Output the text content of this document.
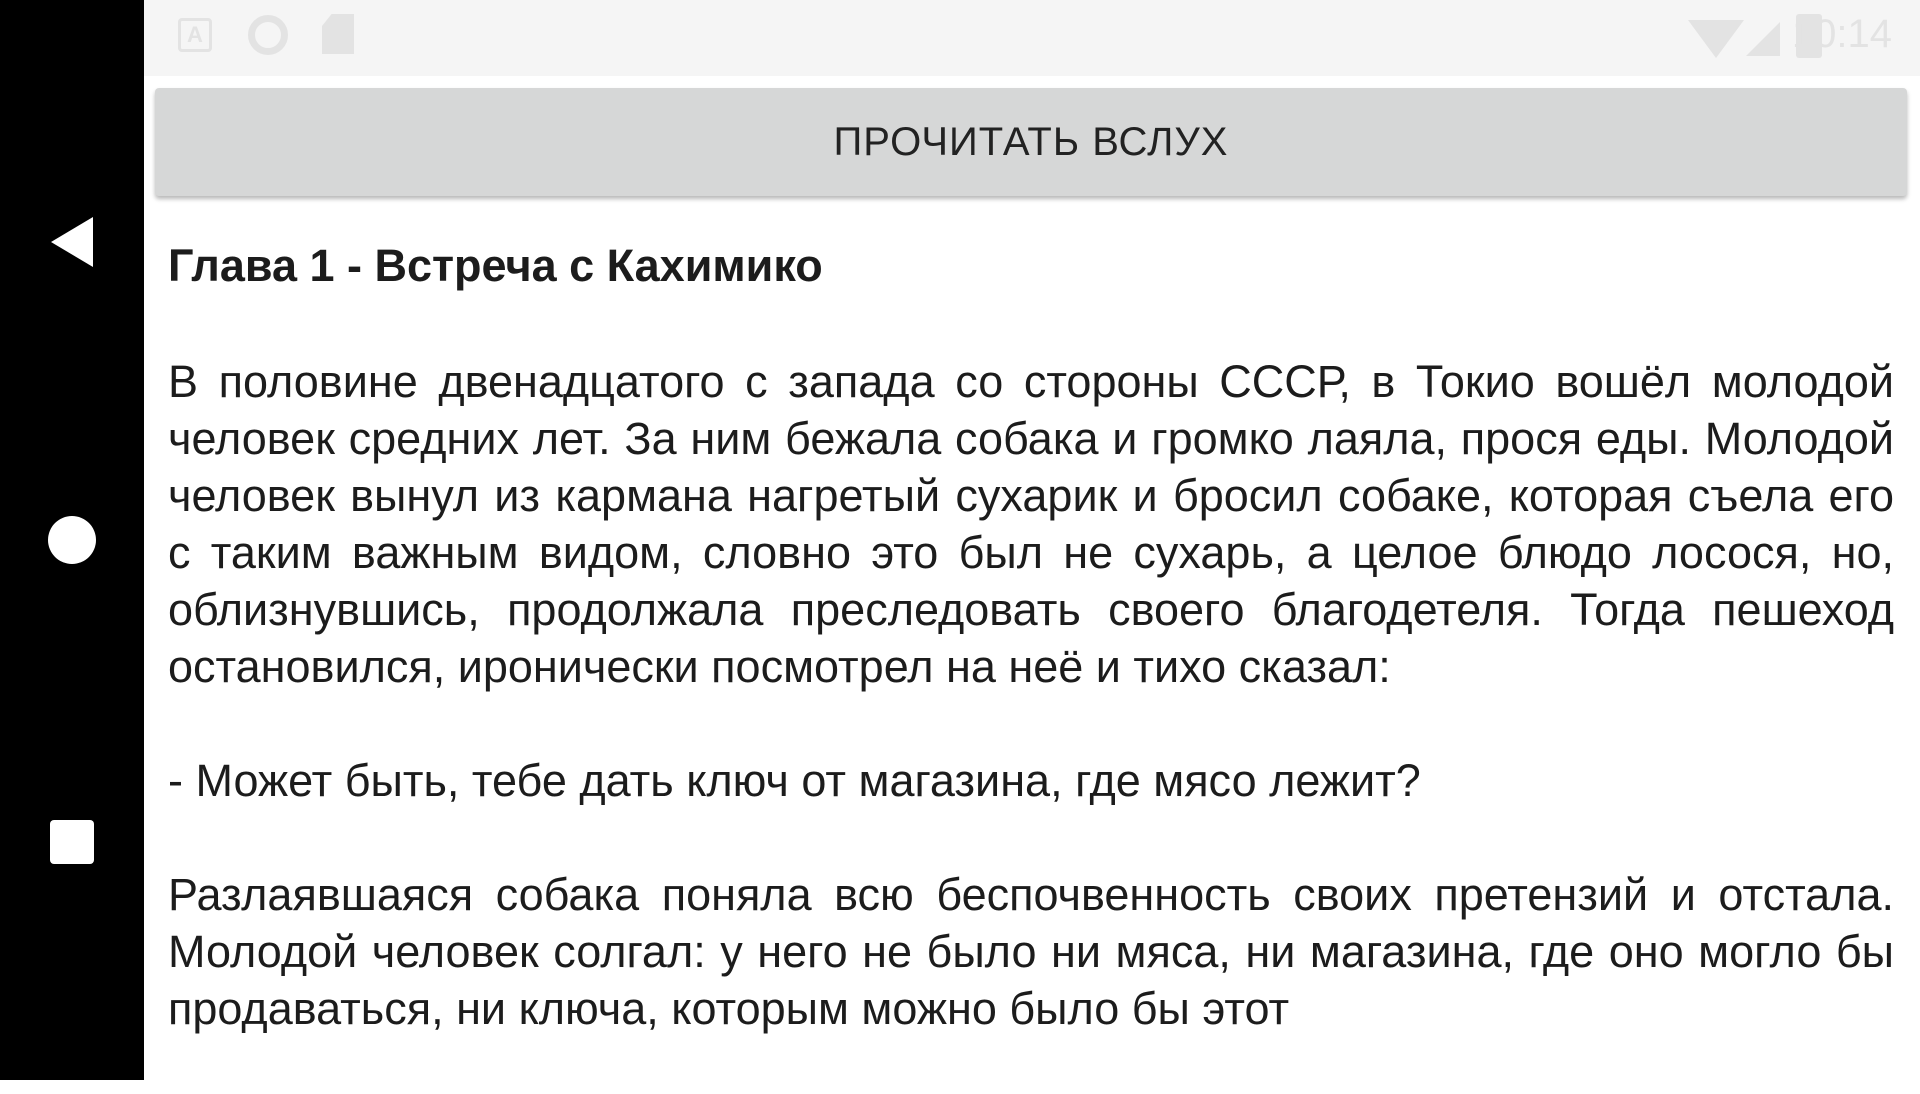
A	10:14
ПРОЧИТАТЬ ВСЛУХ
Глава 1 - Встреча с Кахимико

В половине двенадцатого с запада со стороны СССР, в Токио вошёл молодой человек средних лет. За ним бежала собака и громко лаяла, прося еды. Молодой человек вынул из кармана нагретый сухарик и бросил собаке, которая съела его с таким важным видом, словно это был не сухарь, а целое блюдо лосося, но, облизнувшись, продолжала преследовать своего благодетеля. Тогда пешеход остановился, иронически посмотрел на неё и тихо сказал:

- Может быть, тебе дать ключ от магазина, где мясо лежит?

Разлаявшаяся собака поняла всю беспочвенность своих претензий и отстала. Молодой человек солгал: у него не было ни мяса, ни магазина, где оно могло бы продаваться, ни ключа, которым можно было бы этот
